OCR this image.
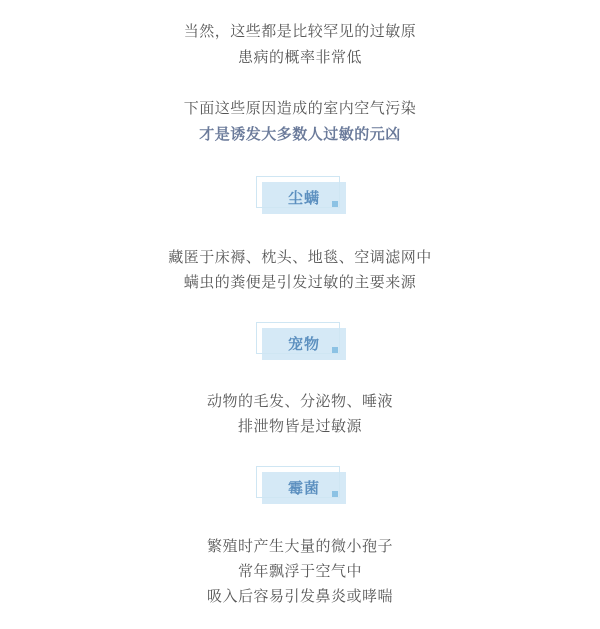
当然，这些都是比较罕见的过敏原
患病的概率非常低
下面这些原因造成的室内空气污染
才是诱发大多数人过敏的元凶
尘螨
藏匿于床褥、枕头、地毯、空调滤网中
螨虫的粪便是引发过敏的主要来源
宠物
动物的毛发、分泌物、唾液
排泄物皆是过敏源
霉菌
繁殖时产生大量的微小孢子
常年飘浮于空气中
吸入后容易引发鼻炎或哮喘
